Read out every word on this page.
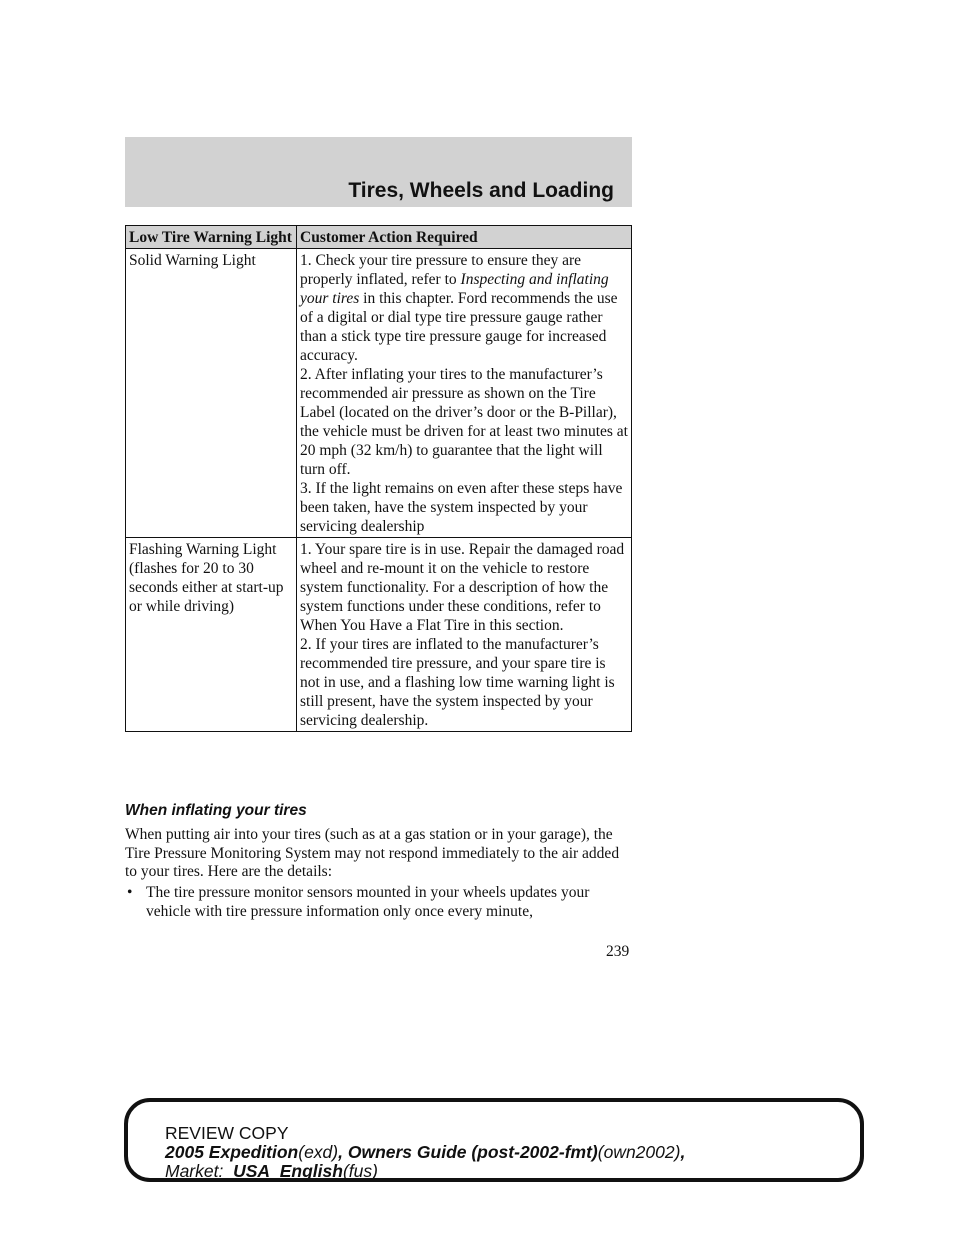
Tires, Wheels and Loading
Low Tire Warning Light	Customer Action Required
Solid Warning Light	1. Check your tire pressure to ensure they are properly inflated, refer to Inspecting and inflating your tires in this chapter. Ford recommends the use of a digital or dial type tire pressure gauge rather than a stick type tire pressure gauge for increased accuracy.
2. After inflating your tires to the manufacturer’s recommended air pressure as shown on the Tire Label (located on the driver’s door or the B-Pillar), the vehicle must be driven for at least two minutes at 20 mph (32 km/h) to guarantee that the light will turn off.
3. If the light remains on even after these steps have been taken, have the system inspected by your servicing dealership

Flashing Warning Light (flashes for 20 to 30 seconds either at start-up or while driving)	1. Your spare tire is in use. Repair the damaged road wheel and re-mount it on the vehicle to restore system functionality. For a description of how the system functions under these conditions, refer to When You Have a Flat Tire in this section.
2. If your tires are inflated to the manufacturer’s recommended tire pressure, and your spare tire is not in use, and a flashing low time warning light is still present, have the system inspected by your servicing dealership.
When inflating your tires

When putting air into your tires (such as at a gas station or in your garage), the Tire Pressure Monitoring System may not respond immediately to the air added to your tires. Here are the details:

• The tire pressure monitor sensors mounted in your wheels updates your vehicle with tire pressure information only once every minute,
239
REVIEW COPY
2005 Expedition(exd), Owners Guide (post-2002-fmt)(own2002),
Market:  USA_English(fus)
